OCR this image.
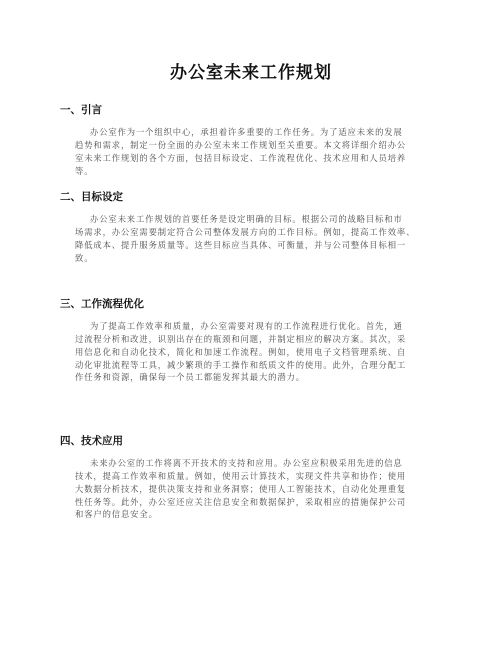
办公室未来工作规划
一、引言
办公室作为一个组织中心，承担着许多重要的工作任务。为了适应未来的发展
趋势和需求，制定一份全面的办公室未来工作规划至关重要。本文将详细介绍办公
室未来工作规划的各个方面，包括目标设定、工作流程优化、技术应用和人员培养
等。
二、目标设定
办公室未来工作规划的首要任务是设定明确的目标。根据公司的战略目标和市
场需求，办公室需要制定符合公司整体发展方向的工作目标。例如，提高工作效率、
降低成本、提升服务质量等。这些目标应当具体、可衡量，并与公司整体目标相一
致。
三、工作流程优化
为了提高工作效率和质量，办公室需要对现有的工作流程进行优化。首先，通
过流程分析和改进，识别出存在的瓶颈和问题，并制定相应的解决方案。其次，采
用信息化和自动化技术，简化和加速工作流程。例如，使用电子文档管理系统、自
动化审批流程等工具，减少繁琐的手工操作和纸质文件的使用。此外，合理分配工
作任务和资源，确保每一个员工都能发挥其最大的潜力。
四、技术应用
未来办公室的工作将离不开技术的支持和应用。办公室应积极采用先进的信息
技术，提高工作效率和质量。例如，使用云计算技术，实现文件共享和协作；使用
大数据分析技术，提供决策支持和业务洞察；使用人工智能技术，自动化处理重复
性任务等。此外，办公室还应关注信息安全和数据保护，采取相应的措施保护公司
和客户的信息安全。
